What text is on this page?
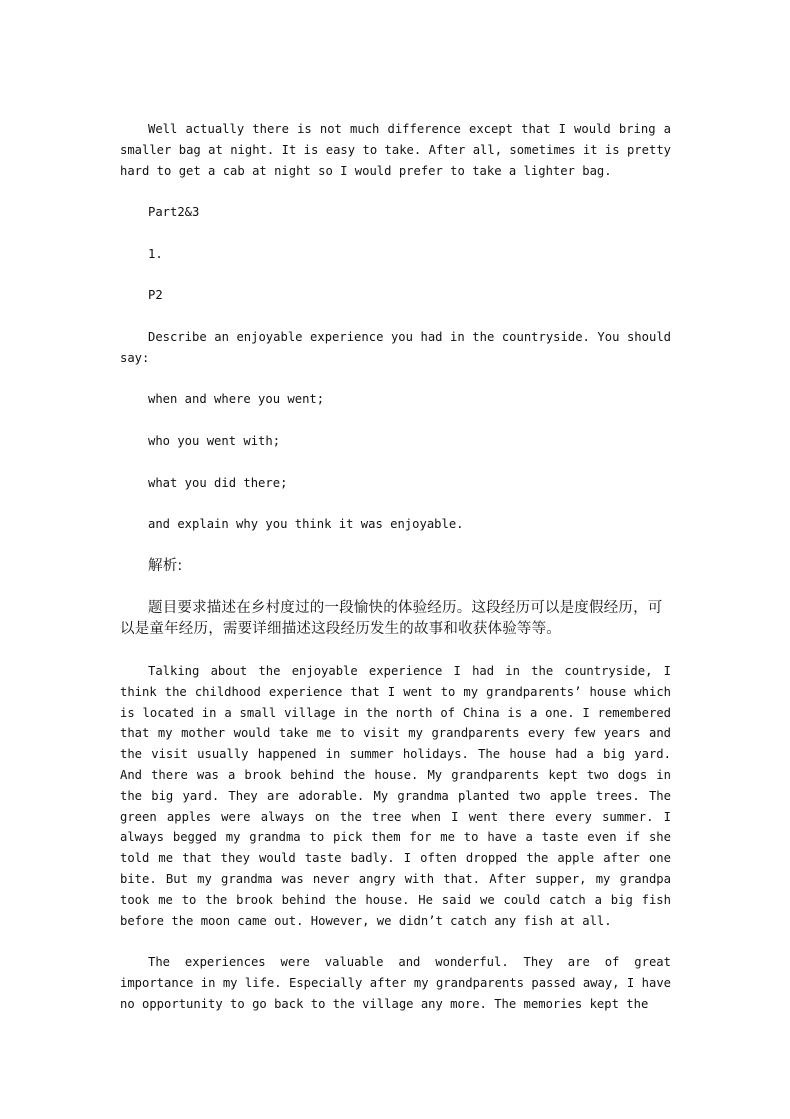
Well actually there is not much difference except that I would bring a smaller bag at night. It is easy to take. After all, sometimes it is pretty hard to get a cab at night so I would prefer to take a lighter bag.

Part2&3

1.

P2

Describe an enjoyable experience you had in the countryside. You should say:

when and where you went;

who you went with;

what you did there;

and explain why you think it was enjoyable.

解析:

题目要求描述在乡村度过的一段愉快的体验经历。这段经历可以是度假经历，可以是童年经历，需要详细描述这段经历发生的故事和收获体验等等。

Talking about the enjoyable experience I had in the countryside, I think the childhood experience that I went to my grandparents’ house which is located in a small village in the north of China is a one. I remembered that my mother would take me to visit my grandparents every few years and the visit usually happened in summer holidays. The house had a big yard. And there was a brook behind the house. My grandparents kept two dogs in the big yard. They are adorable. My grandma planted two apple trees. The green apples were always on the tree when I went there every summer. I always begged my grandma to pick them for me to have a taste even if she told me that they would taste badly. I often dropped the apple after one bite. But my grandma was never angry with that. After supper, my grandpa took me to the brook behind the house. He said we could catch a big fish before the moon came out. However, we didn’t catch any fish at all.

The experiences were valuable and wonderful. They are of great importance in my life. Especially after my grandparents passed away, I have no opportunity to go back to the village any more. The memories kept the
